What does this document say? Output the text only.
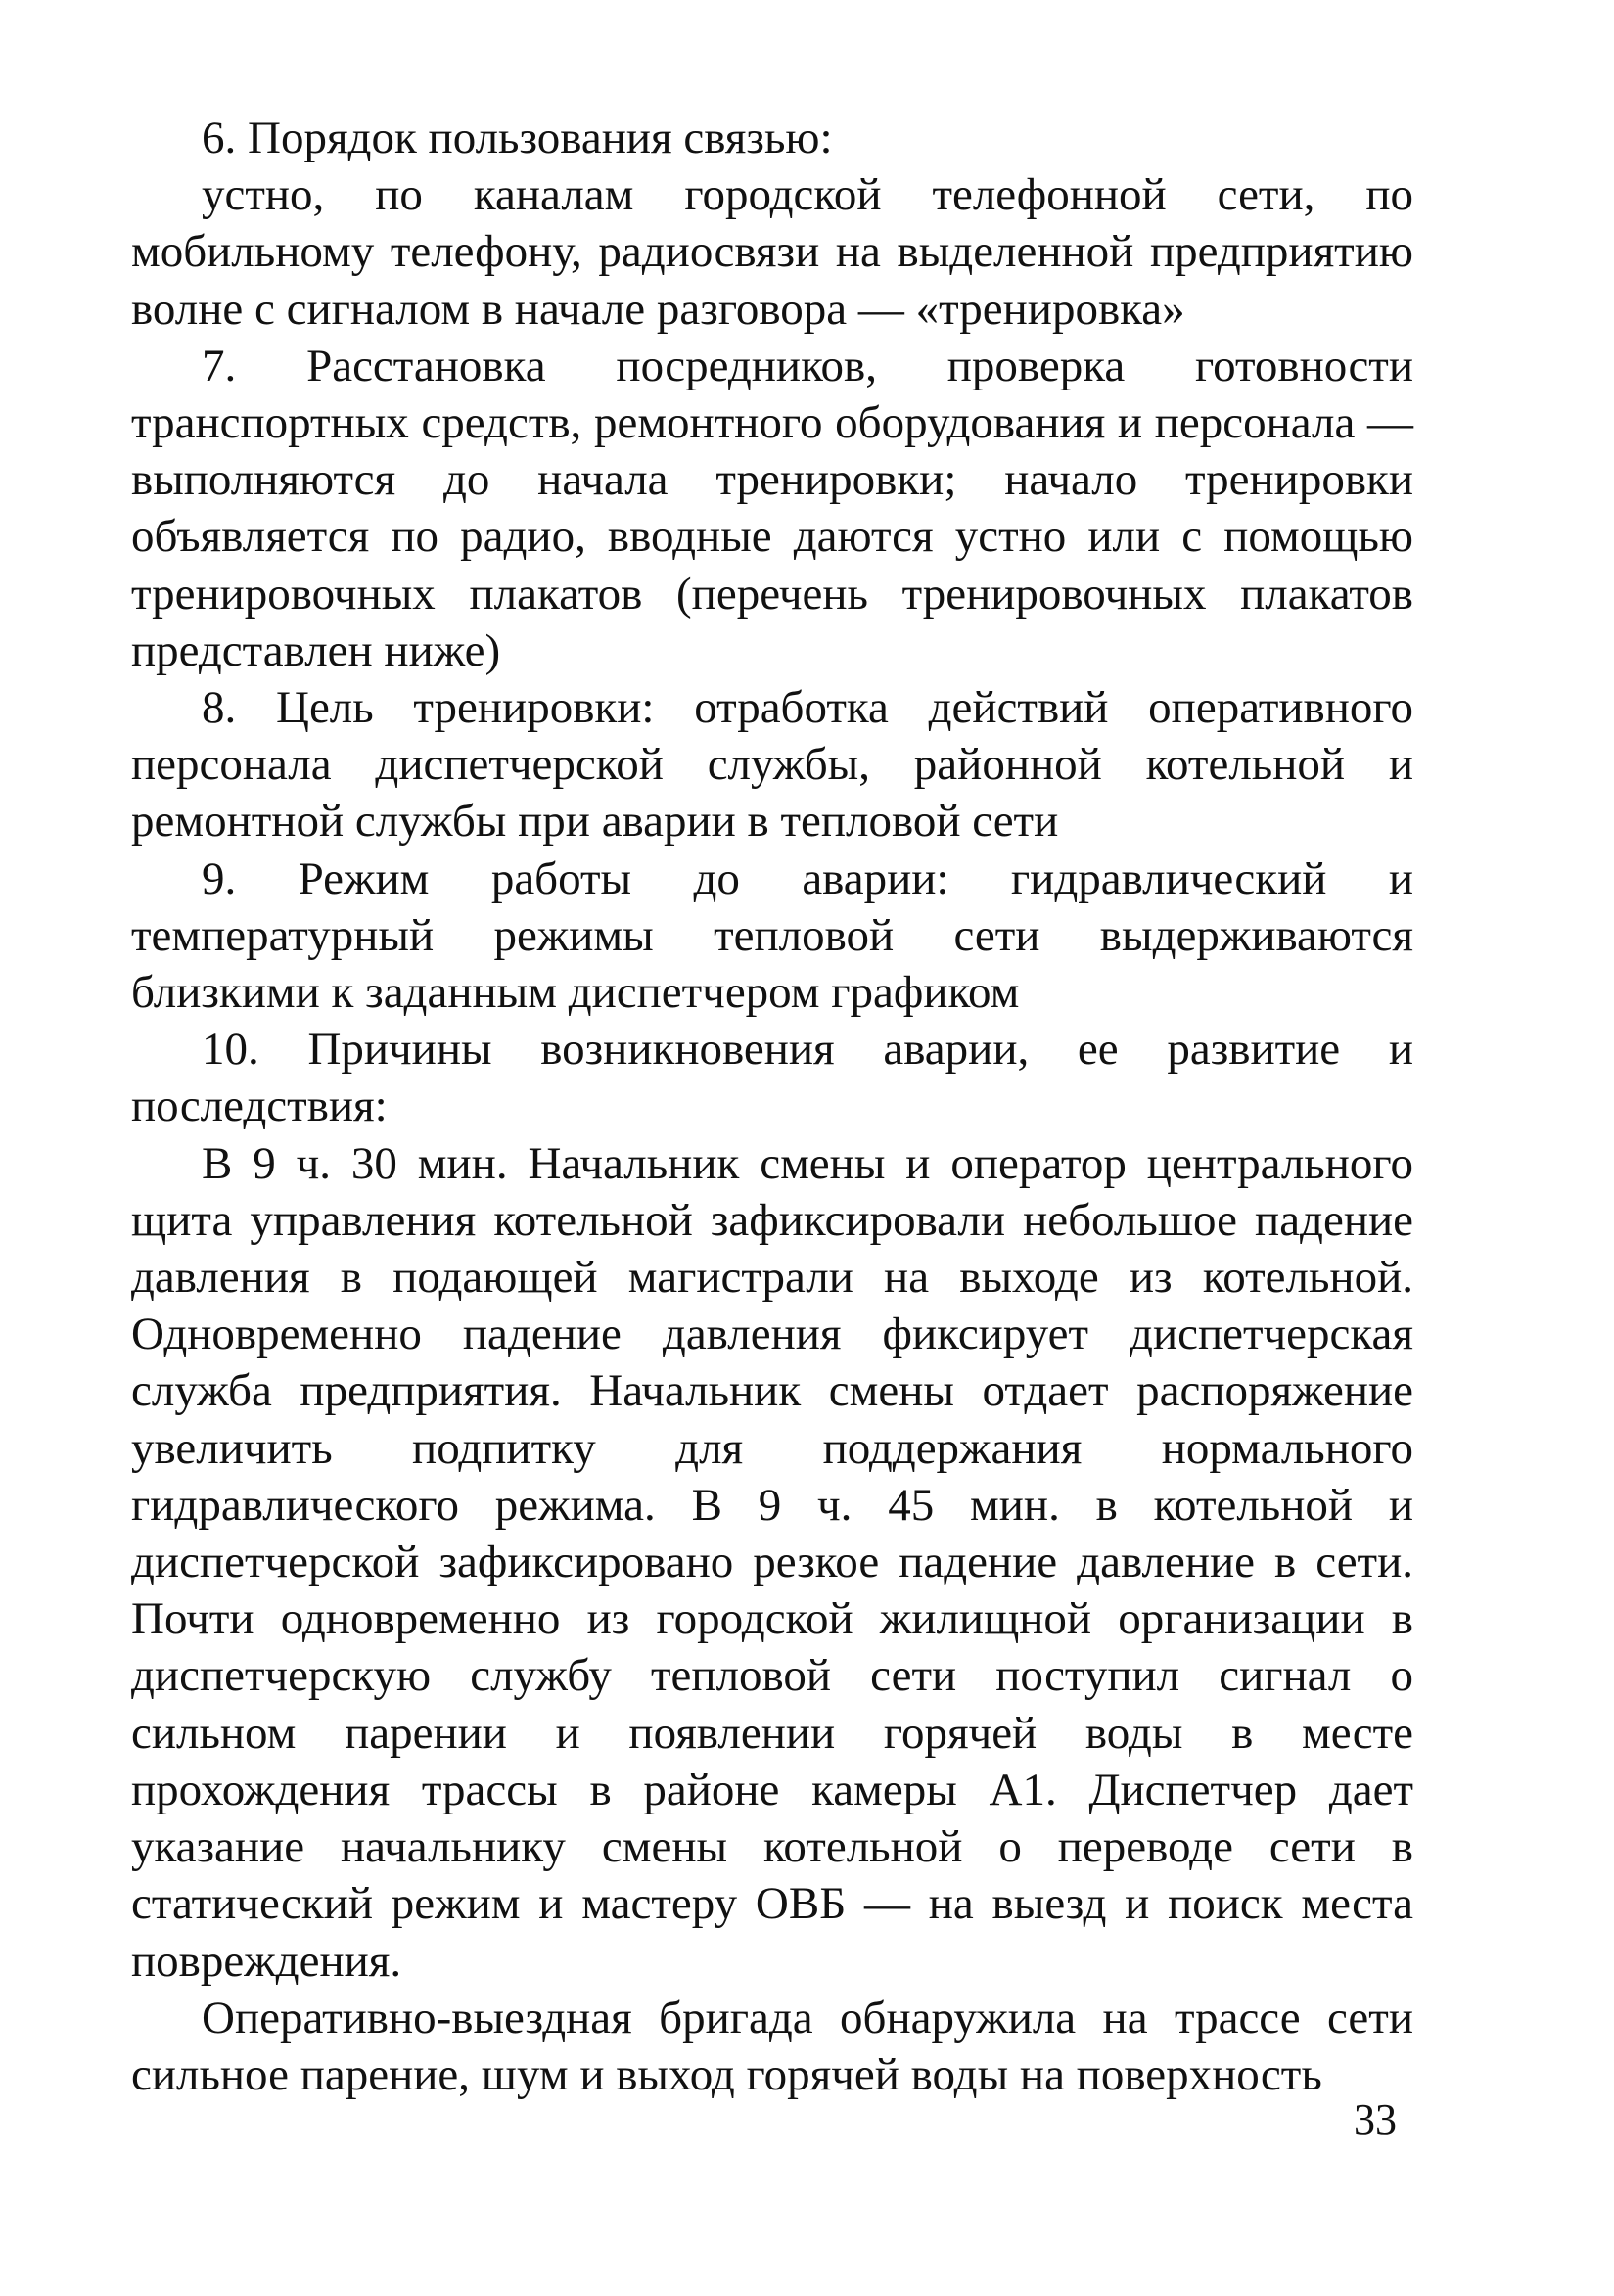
6. Порядок пользования связью:

устно, по каналам городской телефонной сети, по мобильному телефону, радиосвязи на выделенной предприятию волне с сигналом в начале разговора — «тренировка»

7. Расстановка посредников, проверка готовности транспортных средств, ремонтного оборудования и персонала — выполняются до начала тренировки; начало тренировки объявляется по радио, вводные даются устно или с помощью тренировочных плакатов (перечень тренировочных плакатов представлен ниже)

8. Цель тренировки: отработка действий оперативного персонала диспетчерской службы, районной котельной и ремонтной службы при аварии в тепловой сети

9. Режим работы до аварии: гидравлический и температурный режимы тепловой сети выдерживаются близкими к заданным диспетчером графиком

10. Причины возникновения аварии, ее развитие и последствия:

В 9 ч. 30 мин. Начальник смены и оператор центрального щита управления котельной зафиксировали небольшое падение давления в подающей магистрали на выходе из котельной. Одновременно падение давления фиксирует диспетчерская служба предприятия. Начальник смены отдает распоряжение увеличить подпитку для поддержания нормального гидравлического режима. В 9 ч. 45 мин. в котельной и диспетчерской зафиксировано резкое падение давление в сети. Почти одновременно из городской жилищной организации в диспетчерскую службу тепловой сети поступил сигнал о сильном парении и появлении горячей воды в месте прохождения трассы в районе камеры А1. Диспетчер дает указание начальнику смены котельной о переводе сети в статический режим и мастеру ОВБ — на выезд и поиск места повреждения.

Оперативно-выездная бригада обнаружила на трассе сети сильное парение, шум и выход горячей воды на поверхность

33
